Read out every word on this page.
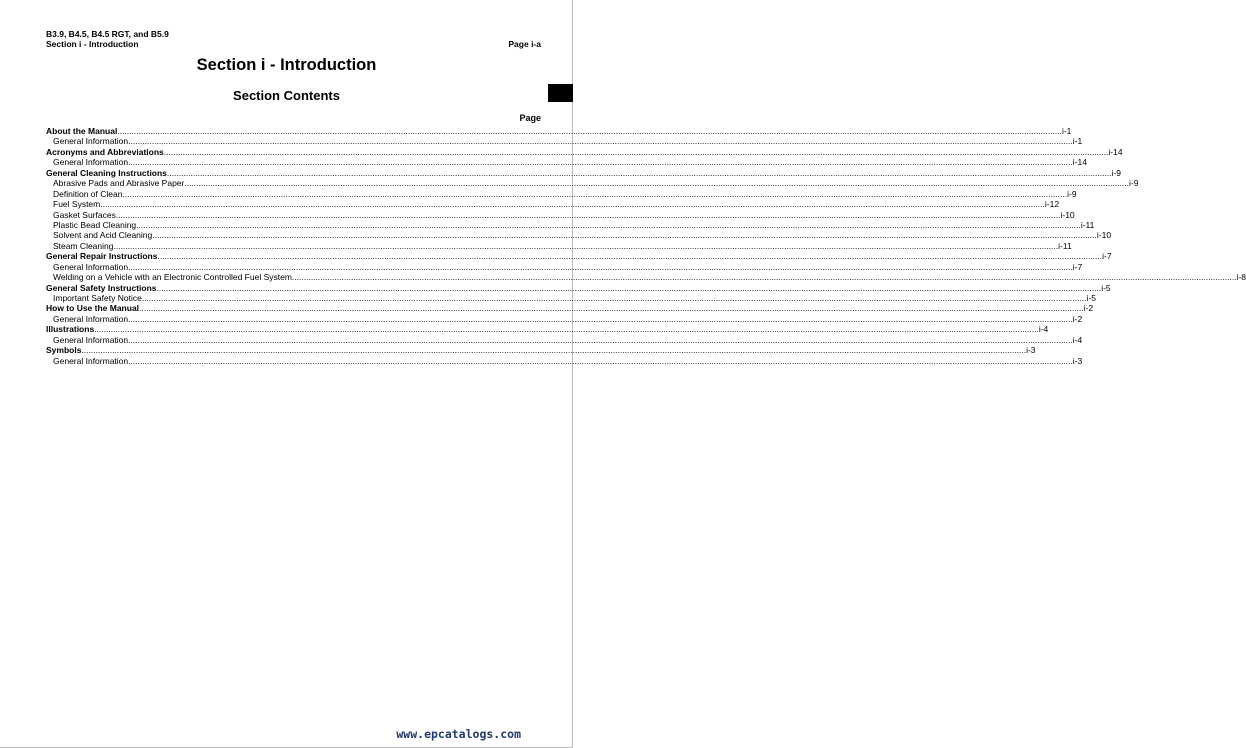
B3.9, B4.5, B4.5 RGT, and B5.9
Section i - Introduction	Page i-a
Section i - Introduction
Section Contents
Page
About the Manual ................................................................................................................................................................................................................................................................................................................................................................................................................ i-1
General Information ................................................................................................................................................................................................................................................................................................................................................................................................................ i-1
Acronyms and Abbreviations ................................................................................................................................................................................................................................................................................................................................................................................................................ i-14
General Information ................................................................................................................................................................................................................................................................................................................................................................................................................ i-14
General Cleaning Instructions ................................................................................................................................................................................................................................................................................................................................................................................................................ i-9
Abrasive Pads and Abrasive Paper ................................................................................................................................................................................................................................................................................................................................................................................................................ i-9
Definition of Clean ................................................................................................................................................................................................................................................................................................................................................................................................................ i-9
Fuel System ................................................................................................................................................................................................................................................................................................................................................................................................................ i-12
Gasket Surfaces ................................................................................................................................................................................................................................................................................................................................................................................................................ i-10
Plastic Bead Cleaning ................................................................................................................................................................................................................................................................................................................................................................................................................ i-11
Solvent and Acid Cleaning ................................................................................................................................................................................................................................................................................................................................................................................................................ i-10
Steam Cleaning ................................................................................................................................................................................................................................................................................................................................................................................................................ i-11
General Repair Instructions ................................................................................................................................................................................................................................................................................................................................................................................................................ i-7
General Information ................................................................................................................................................................................................................................................................................................................................................................................................................ i-7
Welding on a Vehicle with an Electronic Controlled Fuel System ................................................................................................................................................................................................................................................................................................................................................................................................................ i-8
General Safety Instructions ................................................................................................................................................................................................................................................................................................................................................................................................................ i-5
Important Safety Notice ................................................................................................................................................................................................................................................................................................................................................................................................................ i-5
How to Use the Manual ................................................................................................................................................................................................................................................................................................................................................................................................................ i-2
General Information ................................................................................................................................................................................................................................................................................................................................................................................................................ i-2
Illustrations ................................................................................................................................................................................................................................................................................................................................................................................................................ i-4
General Information ................................................................................................................................................................................................................................................................................................................................................................................................................ i-4
Symbols ................................................................................................................................................................................................................................................................................................................................................................................................................ i-3
General Information ................................................................................................................................................................................................................................................................................................................................................................................................................ i-3
www.epcatalogs.com
